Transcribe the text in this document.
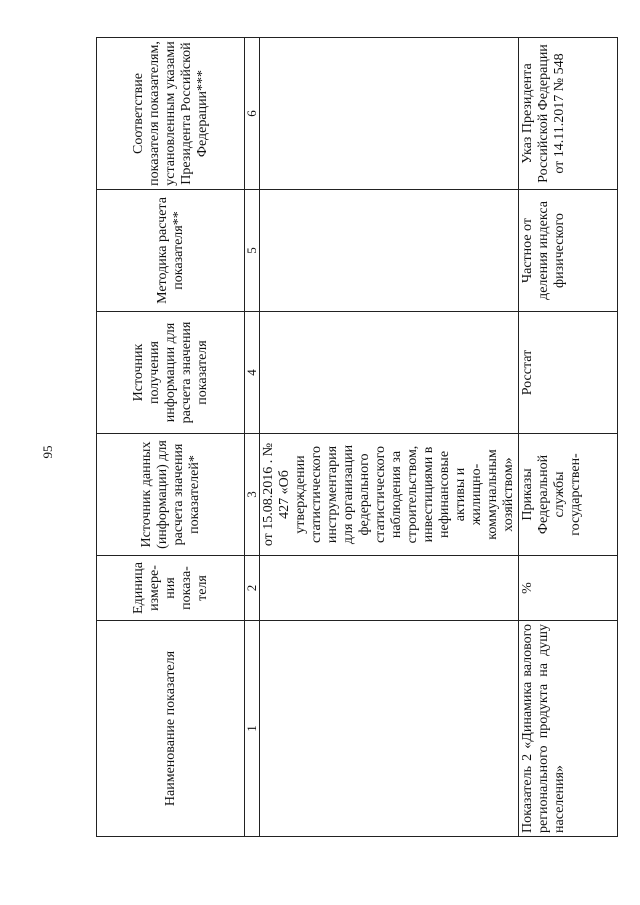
95
Наименование показателя	Единица измере-ния показа-теля	Источник данных (информации) для расчета значения показателей*	Источник получения информации для расчета значения показателя	Методика расчета показателя**	Соответствие показателя показателям, установленным указами Президента Российской Федерации***
1	2	3	4	5	6
		от 15.08.2016 . № 427 «Об утверждении статистического инструментария для организации федерального статистического наблюдения за строительством, инвестициями в нефинансовые активы и жилищно-коммунальным хозяйством»			
Показатель 2 «Динамика валового регионального продукта на душу населения»	%	Приказы Федеральной службы государствен-	Росстат	Частное от деления индекса физического	Указ Президента Российской Федерации от 14.11.2017 № 548
